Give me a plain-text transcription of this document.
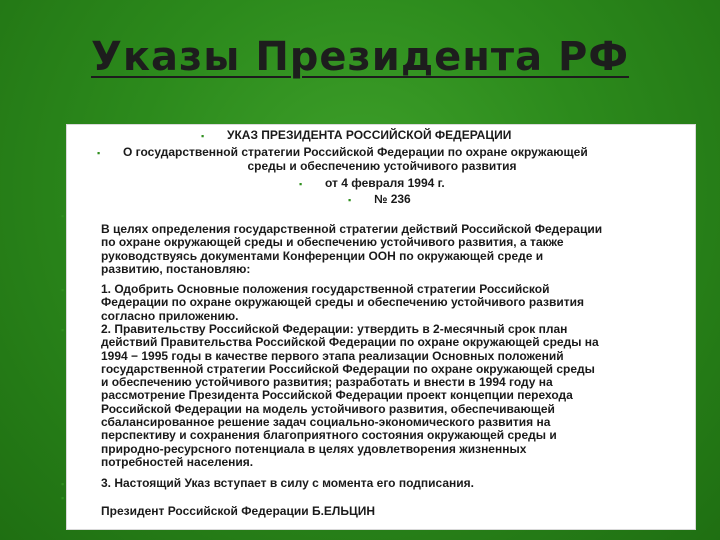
Указы Президента РФ
▪
УКАЗ ПРЕЗИДЕНТА РОССИЙСКОЙ ФЕДЕРАЦИИ
▪
О государственной стратегии Российской Федерации по охране окружающей
среды и обеспечению устойчивого развития
▪
от 4 февраля 1994 г.
▪
№ 236
▪
В целях определения государственной стратегии действий Российской Федерации
по охране окружающей среды и обеспечению устойчивого развития, а также
руководствуясь документами Конференции ООН по окружающей среде и
развитию, постановляю:
▪
1. Одобрить Основные положения государственной стратегии Российской
Федерации по охране окружающей среды и обеспечению устойчивого развития
согласно приложению.
▪
2. Правительству Российской Федерации: утвердить в 2-месячный срок план
действий Правительства Российской Федерации по охране окружающей среды на
1994 − 1995 годы в качестве первого этапа реализации Основных положений
государственной стратегии Российской Федерации по охране окружающей среды
и обеспечению устойчивого развития; разработать и внести в 1994 году на
рассмотрение Президента Российской Федерации проект концепции перехода
Российской Федерации на модель устойчивого развития, обеспечивающей
сбалансированное решение задач социально-экономического развития на
перспективу и сохранения благоприятного состояния окружающей среды и
природно-ресурсного потенциала в целях удовлетворения жизненных
потребностей населения.
▪
3. Настоящий Указ вступает в силу с момента его подписания.
▪
Президент Российской Федерации Б.ЕЛЬЦИН
